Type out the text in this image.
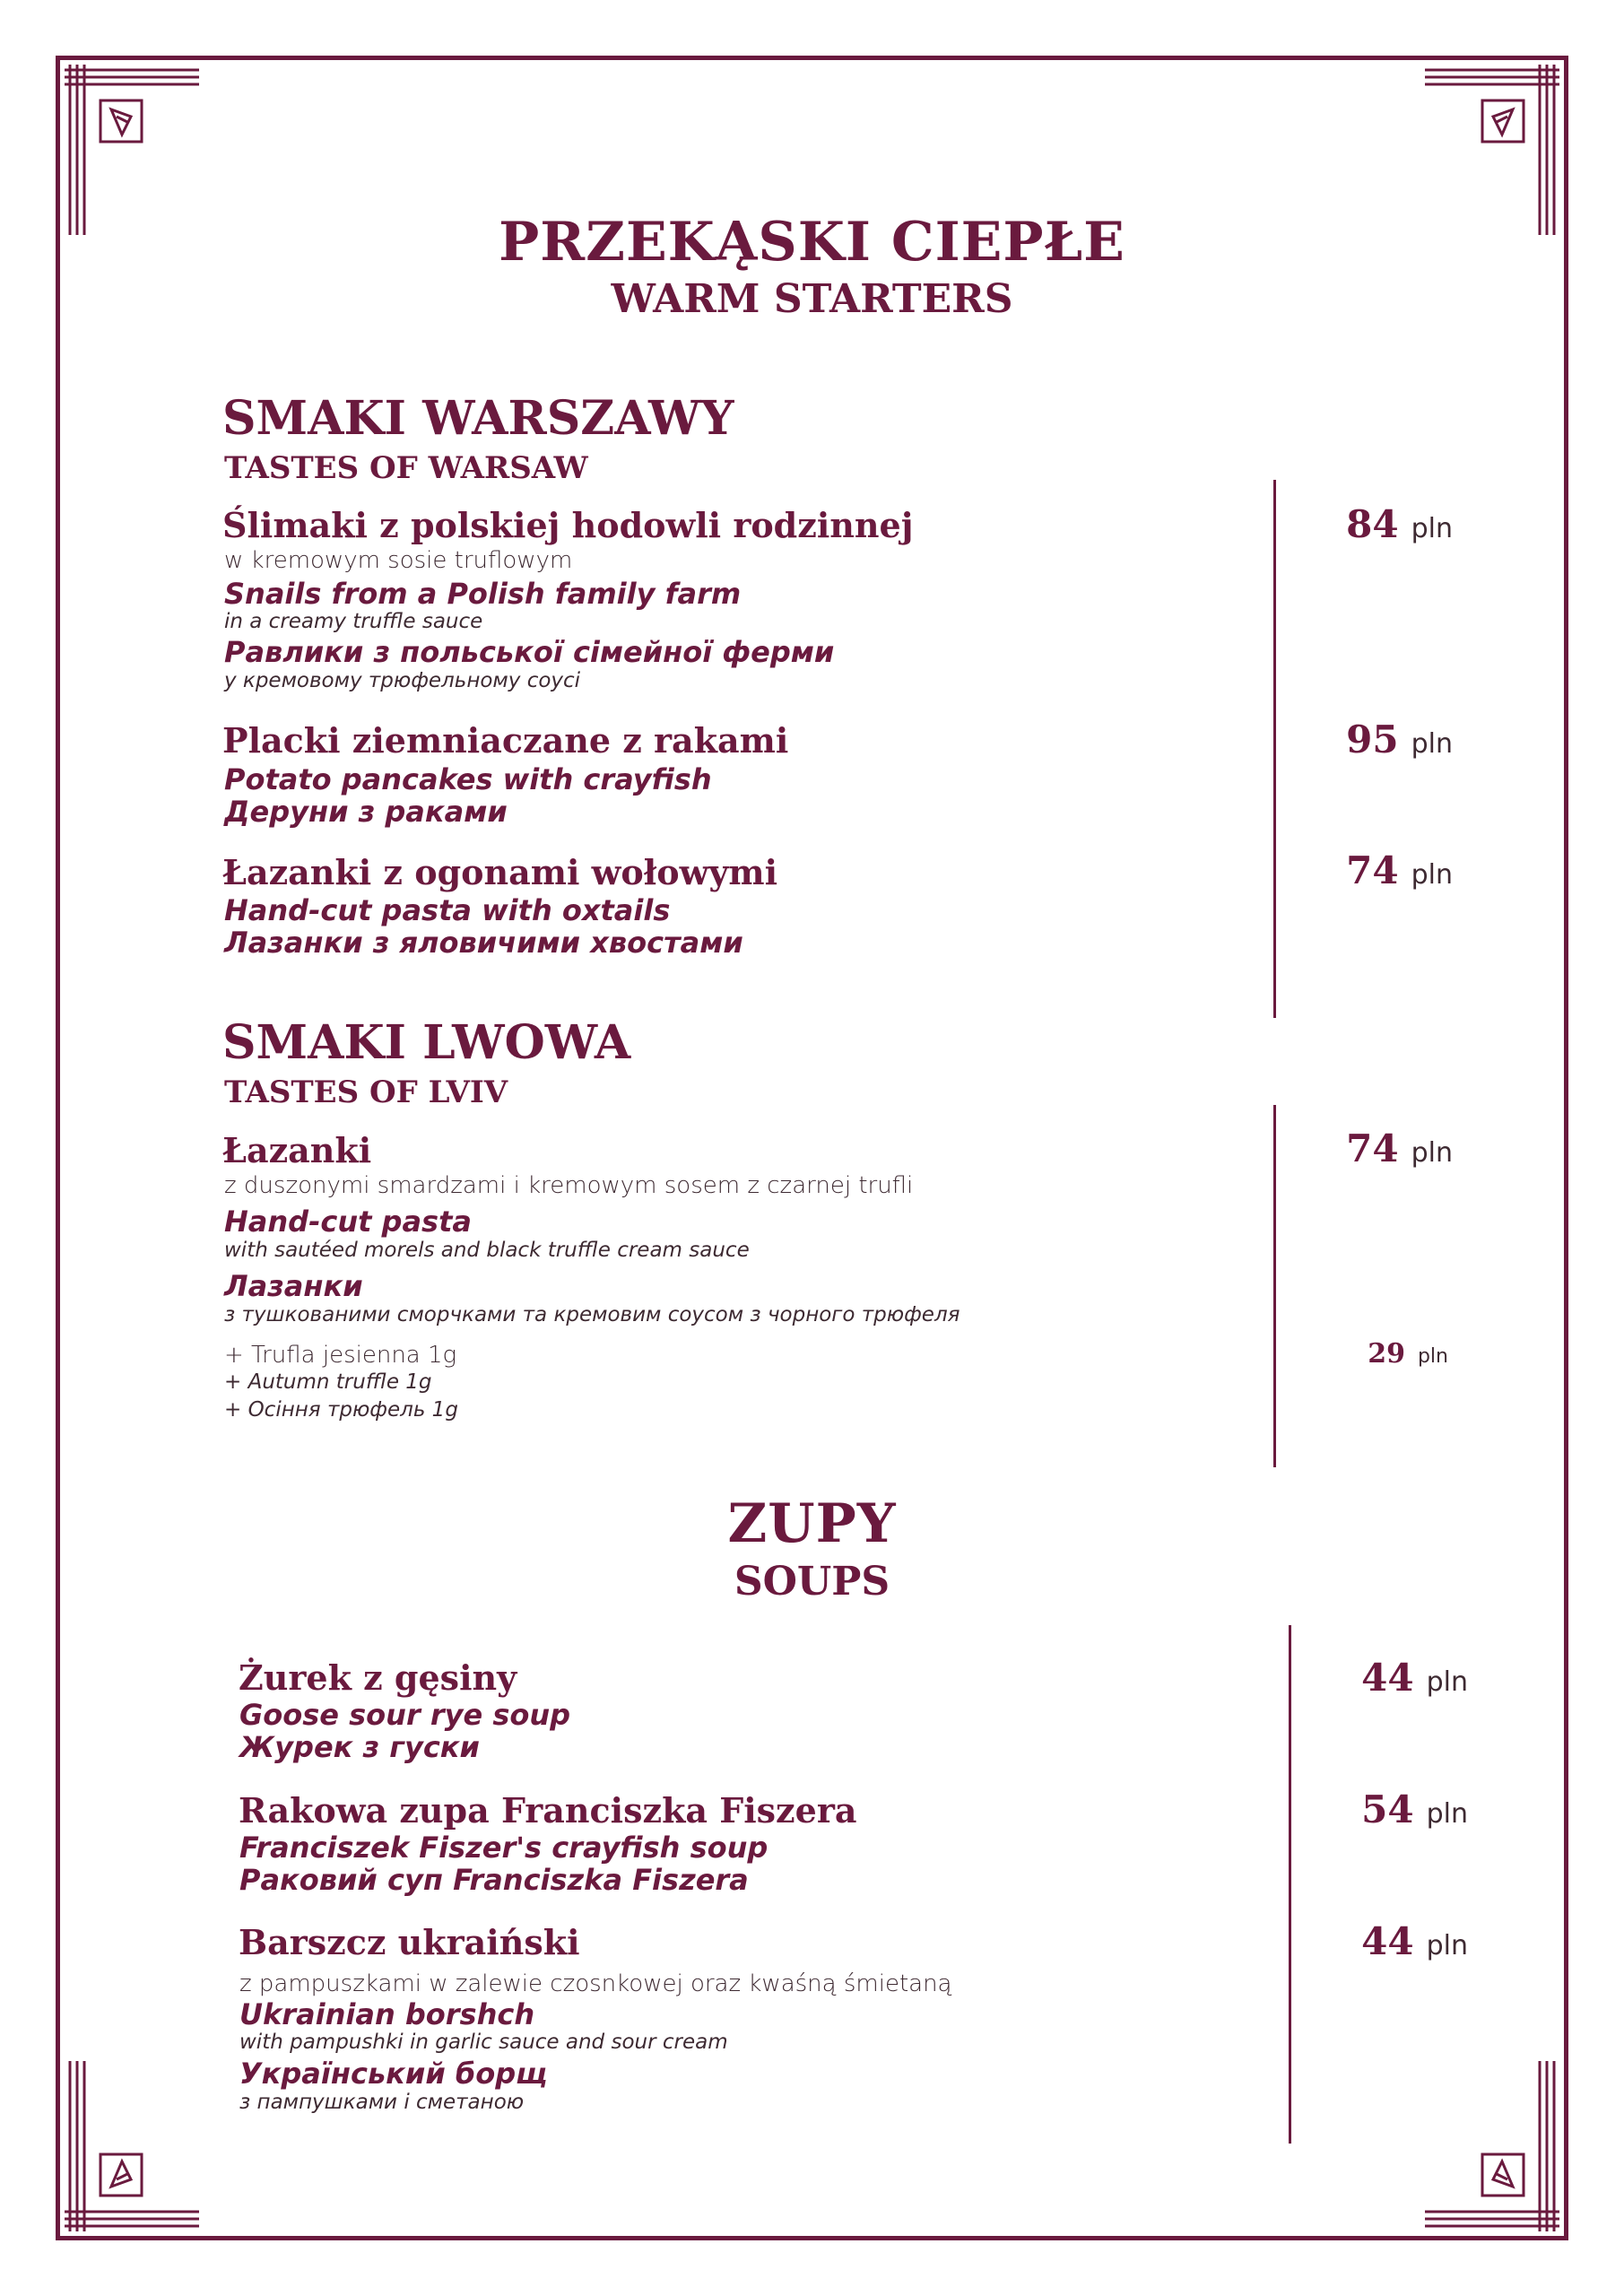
PRZEKĄSKI CIEPŁE
WARM STARTERS
SMAKI WARSZAWY
TASTES OF WARSAW
Ślimaki z polskiej hodowli rodzinnej
w kremowym sosie truflowym
Snails from a Polish family farm
in a creamy truffle sauce
Равлики з польської сімейної ферми
у кремовому трюфельному соусі
84 pln
Placki ziemniaczane z rakami
Potato pancakes with crayfish
Деруни з раками
95 pln
Łazanki z ogonami wołowymi
Hand-cut pasta with oxtails
Лазанки з яловичими хвостами
74 pln
SMAKI LWOWA
TASTES OF LVIV
Łazanki
z duszonymi smardzami i kremowym sosem z czarnej trufli
Hand-cut pasta
with sautéed morels and black truffle cream sauce
Лазанки
з тушкованими сморчками та кремовим соусом з чорного трюфеля
74 pln
+ Trufla jesienna 1g
+ Autumn truffle 1g
+ Осіння трюфель 1g
29 pln
ZUPY
SOUPS
Żurek z gęsiny
Goose sour rye soup
Журек з гуски
44 pln
Rakowa zupa Franciszka Fiszera
Franciszek Fiszer's crayfish soup
Раковий суп Franciszka Fiszera
54 pln
Barszcz ukraiński
z pampuszkami w zalewie czosnkowej oraz kwaśną śmietaną
Ukrainian borshch
with pampushki in garlic sauce and sour cream
Український борщ
з пампушками і сметаною
44 pln
